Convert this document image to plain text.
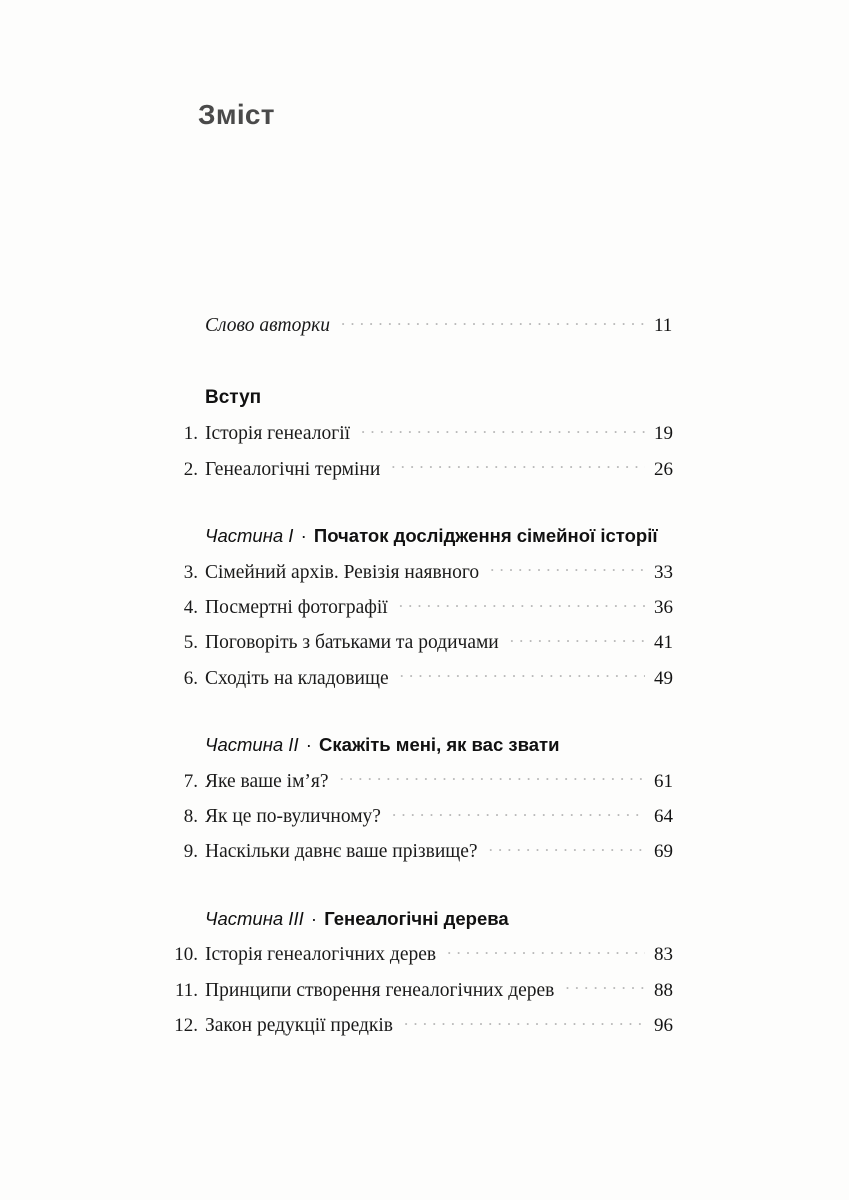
Зміст
Слово авторки .....	11
Вступ
1. Історія генеалогії .....	19
2. Генеалогічні терміни .....	26
Частина I · Початок дослідження сімейної історії
3. Сімейний архів. Ревізія наявного .....	33
4. Посмертні фотографії .....	36
5. Поговоріть з батьками та родичами .....	41
6. Сходіть на кладовище .....	49
Частина II · Скажіть мені, як вас звати
7. Яке ваше ім’я? .....	61
8. Як це по-вуличному? .....	64
9. Наскільки давнє ваше прізвище? .....	69
Частина III · Генеалогічні дерева
10. Історія генеалогічних дерев .....	83
11. Принципи створення генеалогічних дерев .....	88
12. Закон редукції предків .....	96
